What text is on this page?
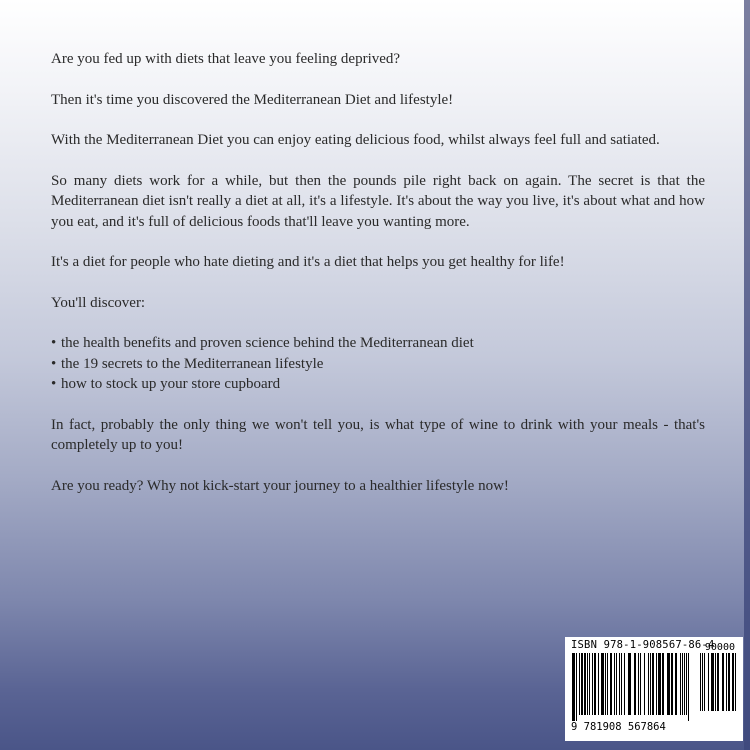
Are you fed up with diets that leave you feeling deprived?

Then it's time you discovered the Mediterranean Diet and lifestyle!

With the Mediterranean Diet you can enjoy eating delicious food, whilst always feel full and satiated.

So many diets work for a while, but then the pounds pile right back on again. The secret is that the Mediterranean diet isn't really a diet at all, it's a lifestyle. It's about the way you live, it's about what and how you eat, and it's full of delicious foods that'll leave you wanting more.

It's a diet for people who hate dieting and it's a diet that helps you get healthy for life!

You'll discover:

• the health benefits and proven science behind the Mediterranean diet
• the 19 secrets to the Mediterranean lifestyle
• how to stock up your store cupboard

In fact, probably the only thing we won't tell you, is what type of wine to drink with your meals - that's completely up to you!

Are you ready? Why not kick-start your journey to a healthier lifestyle now!

ISBN 978-1-908567-86-4
90000
9 781908 567864
